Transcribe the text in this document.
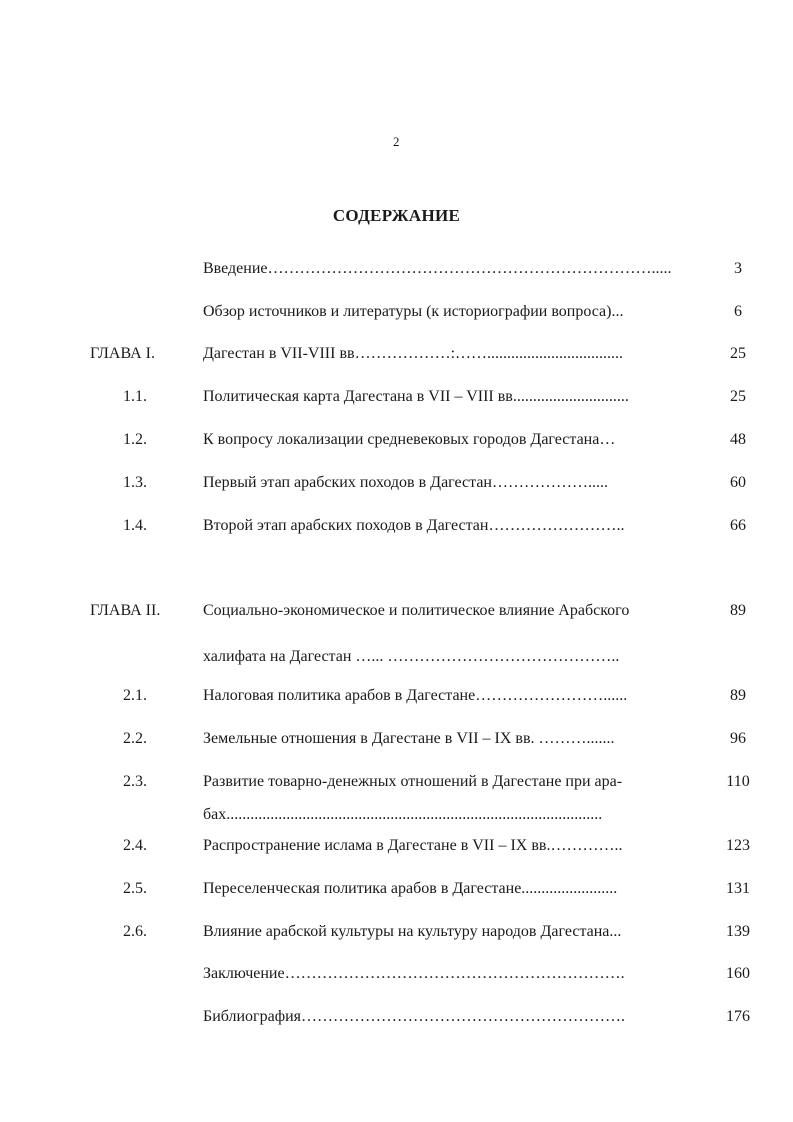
2
СОДЕРЖАНИЕ
Введение……………………………………………………………….....	3
Обзор источников и литературы (к историографии вопроса)...	6
ГЛАВА I.	Дагестан в VII-VIII вв………………:……..................................	25
1.1.	Политическая карта Дагестана в VII – VIII вв.............................	25
1.2.	К вопросу локализации средневековых городов Дагестана…	48
1.3.	Первый этап арабских походов в Дагестан……………….....	60
1.4.	Второй этап арабских походов в Дагестан……………………..	66
ГЛАВА II.	Социально-экономическое и политическое влияние Арабского	89
халифата на Дагестан …... ……………………………………..
2.1.	Налоговая политика арабов в Дагестане……………………......	89
2.2.	Земельные отношения в Дагестане в VII – IX вв. ……….......	96
2.3.	Развитие товарно-денежных отношений в Дагестане при ара-	110
бах..............................................................................................
2.4.	Распространение ислама в Дагестане в VII – IX вв.…………..	123
2.5.	Переселенческая политика арабов в Дагестане........................	131
2.6.	Влияние арабской культуры на культуру народов Дагестана...	139
Заключение……………………………………………………….	160
Библиография…………………………………………………….	176
